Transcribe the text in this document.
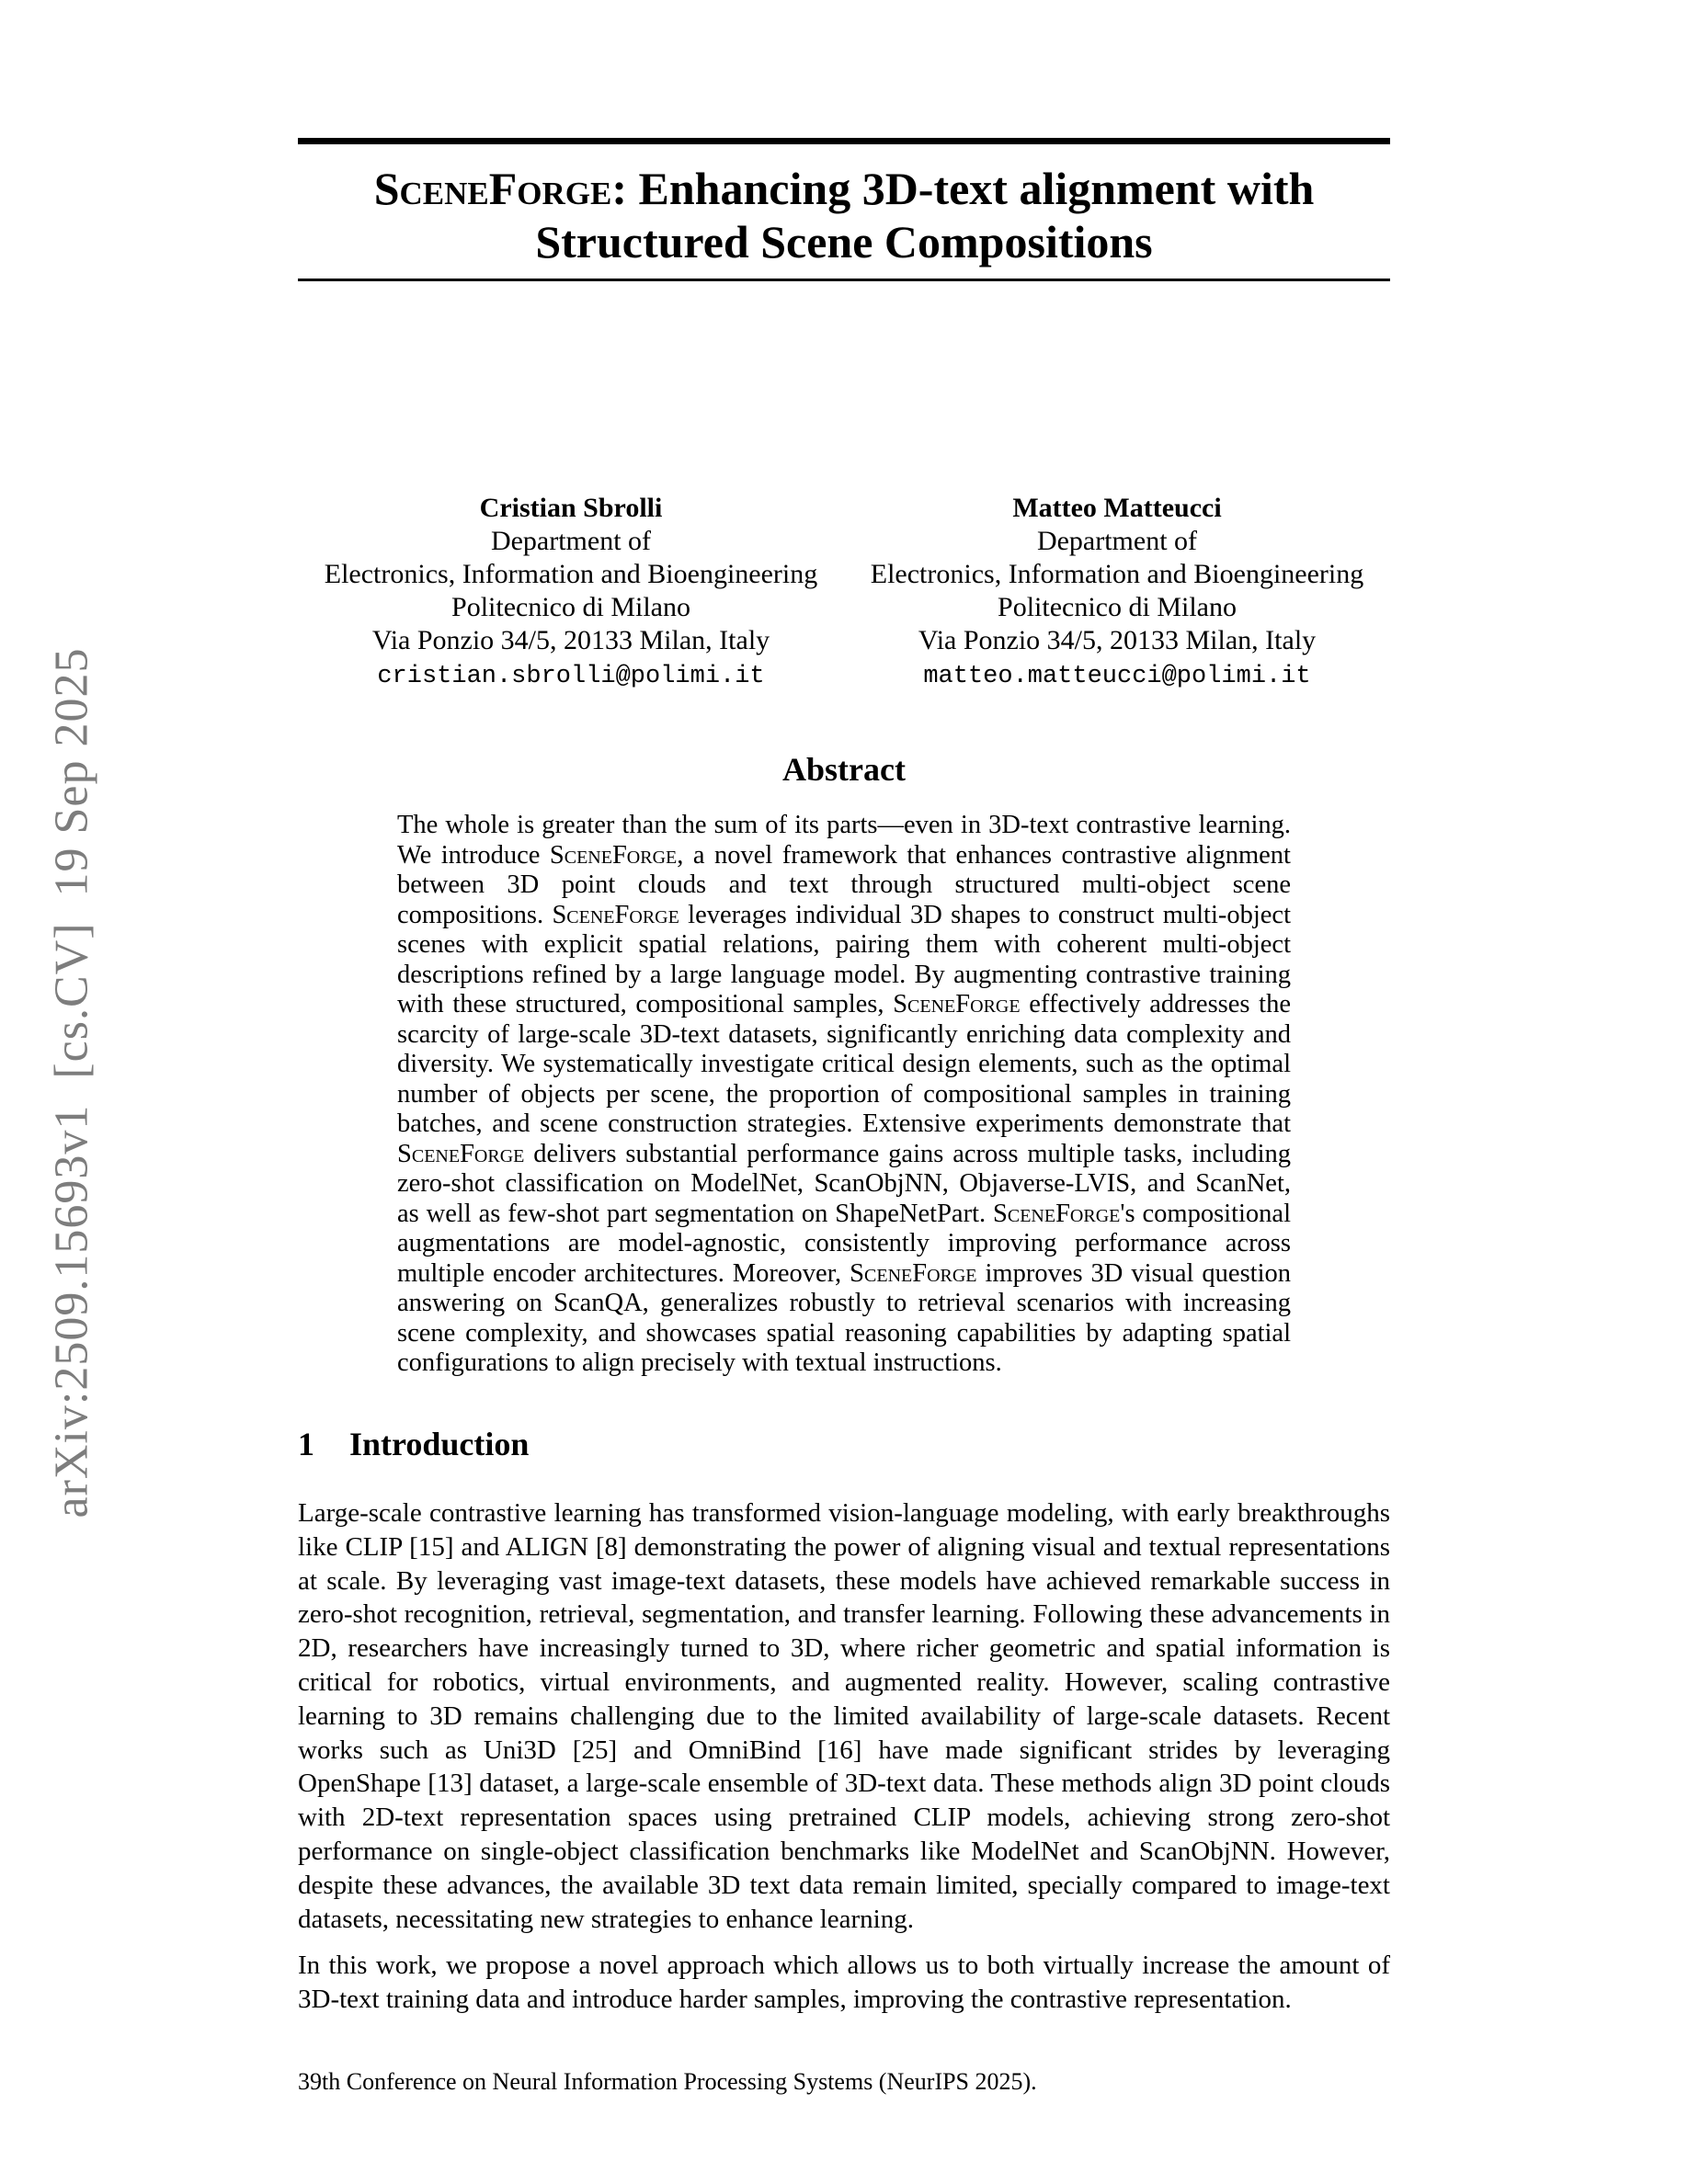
arXiv:2509.15693v1  [cs.CV]  19 Sep 2025
SceneForge: Enhancing 3D-text alignment with
Structured Scene Compositions
Cristian Sbrolli
Department of
Electronics, Information and Bioengineering
Politecnico di Milano
Via Ponzio 34/5, 20133 Milan, Italy
cristian.sbrolli@polimi.it
Matteo Matteucci
Department of
Electronics, Information and Bioengineering
Politecnico di Milano
Via Ponzio 34/5, 20133 Milan, Italy
matteo.matteucci@polimi.it
Abstract

The whole is greater than the sum of its parts—even in 3D-text contrastive learning. We introduce SceneForge, a novel framework that enhances contrastive alignment between 3D point clouds and text through structured multi-object scene compositions. SceneForge leverages individual 3D shapes to construct multi-object scenes with explicit spatial relations, pairing them with coherent multi-object descriptions refined by a large language model. By augmenting contrastive training with these structured, compositional samples, SceneForge effectively addresses the scarcity of large-scale 3D-text datasets, significantly enriching data complexity and diversity. We systematically investigate critical design elements, such as the optimal number of objects per scene, the proportion of compositional samples in training batches, and scene construction strategies. Extensive experiments demonstrate that SceneForge delivers substantial performance gains across multiple tasks, including zero-shot classification on ModelNet, ScanObjNN, Objaverse-LVIS, and ScanNet, as well as few-shot part segmentation on ShapeNetPart. SceneForge's compositional augmentations are model-agnostic, consistently improving performance across multiple encoder architectures. Moreover, SceneForge improves 3D visual question answering on ScanQA, generalizes robustly to retrieval scenarios with increasing scene complexity, and showcases spatial reasoning capabilities by adapting spatial configurations to align precisely with textual instructions.

1 Introduction

Large-scale contrastive learning has transformed vision-language modeling, with early breakthroughs like CLIP [15] and ALIGN [8] demonstrating the power of aligning visual and textual representations at scale. By leveraging vast image-text datasets, these models have achieved remarkable success in zero-shot recognition, retrieval, segmentation, and transfer learning. Following these advancements in 2D, researchers have increasingly turned to 3D, where richer geometric and spatial information is critical for robotics, virtual environments, and augmented reality. However, scaling contrastive learning to 3D remains challenging due to the limited availability of large-scale datasets. Recent works such as Uni3D [25] and OmniBind [16] have made significant strides by leveraging OpenShape [13] dataset, a large-scale ensemble of 3D-text data. These methods align 3D point clouds with 2D-text representation spaces using pretrained CLIP models, achieving strong zero-shot performance on single-object classification benchmarks like ModelNet and ScanObjNN. However, despite these advances, the available 3D text data remain limited, specially compared to image-text datasets, necessitating new strategies to enhance learning.

In this work, we propose a novel approach which allows us to both virtually increase the amount of 3D-text training data and introduce harder samples, improving the contrastive representation.

39th Conference on Neural Information Processing Systems (NeurIPS 2025).
